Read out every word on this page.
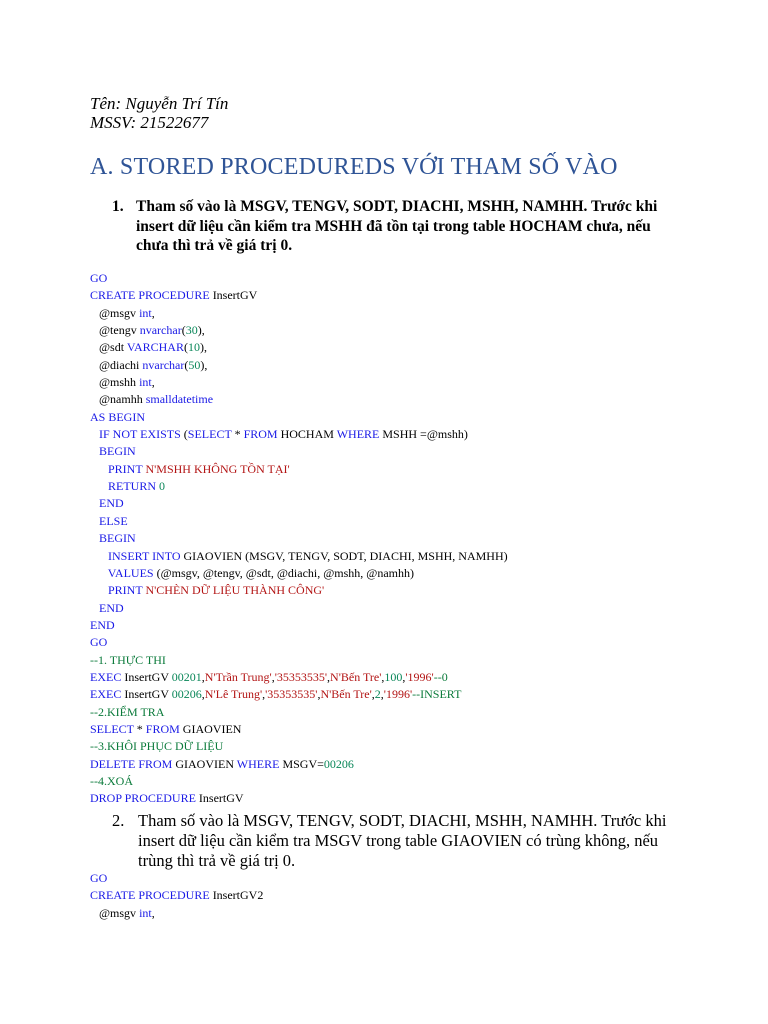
Tên: Nguyễn Trí Tín
MSSV: 21522677
A. STORED PROCEDUREDS VỚI THAM SỐ VÀO
1. Tham số vào là MSGV, TENGV, SODT, DIACHI, MSHH, NAMHH. Trước khi insert dữ liệu cần kiểm tra MSHH đã tồn tại trong table HOCHAM chưa, nếu chưa thì trả về giá trị 0.
GO
CREATE PROCEDURE InsertGV
@msgv int,
@tengv nvarchar(30),
@sdt VARCHAR(10),
@diachi nvarchar(50),
@mshh int,
@namhh smalldatetime
AS BEGIN
IF NOT EXISTS (SELECT * FROM HOCHAM WHERE MSHH =@mshh)
BEGIN
PRINT N'MSHH KHÔNG TỒN TẠI'
RETURN 0
END
ELSE
BEGIN
INSERT INTO GIAOVIEN (MSGV, TENGV, SODT, DIACHI, MSHH, NAMHH)
VALUES (@msgv, @tengv, @sdt, @diachi, @mshh, @namhh)
PRINT N'CHÈN DỮ LIỆU THÀNH CÔNG'
END
END
GO
--1. THỰC THI
EXEC InsertGV 00201,N'Trần Trung','35353535',N'Bến Tre',100,'1996'--0
EXEC InsertGV 00206,N'Lê Trung','35353535',N'Bến Tre',2,'1996'--INSERT
--2.KIỂM TRA
SELECT * FROM GIAOVIEN
--3.KHÔI PHỤC DỮ LIỆU
DELETE FROM GIAOVIEN WHERE MSGV=00206
--4.XOÁ
DROP PROCEDURE InsertGV
2. Tham số vào là MSGV, TENGV, SODT, DIACHI, MSHH, NAMHH. Trước khi insert dữ liệu cần kiểm tra MSGV trong table GIAOVIEN có trùng không, nếu trùng thì trả về giá trị 0.
GO
CREATE PROCEDURE InsertGV2
@msgv int,
